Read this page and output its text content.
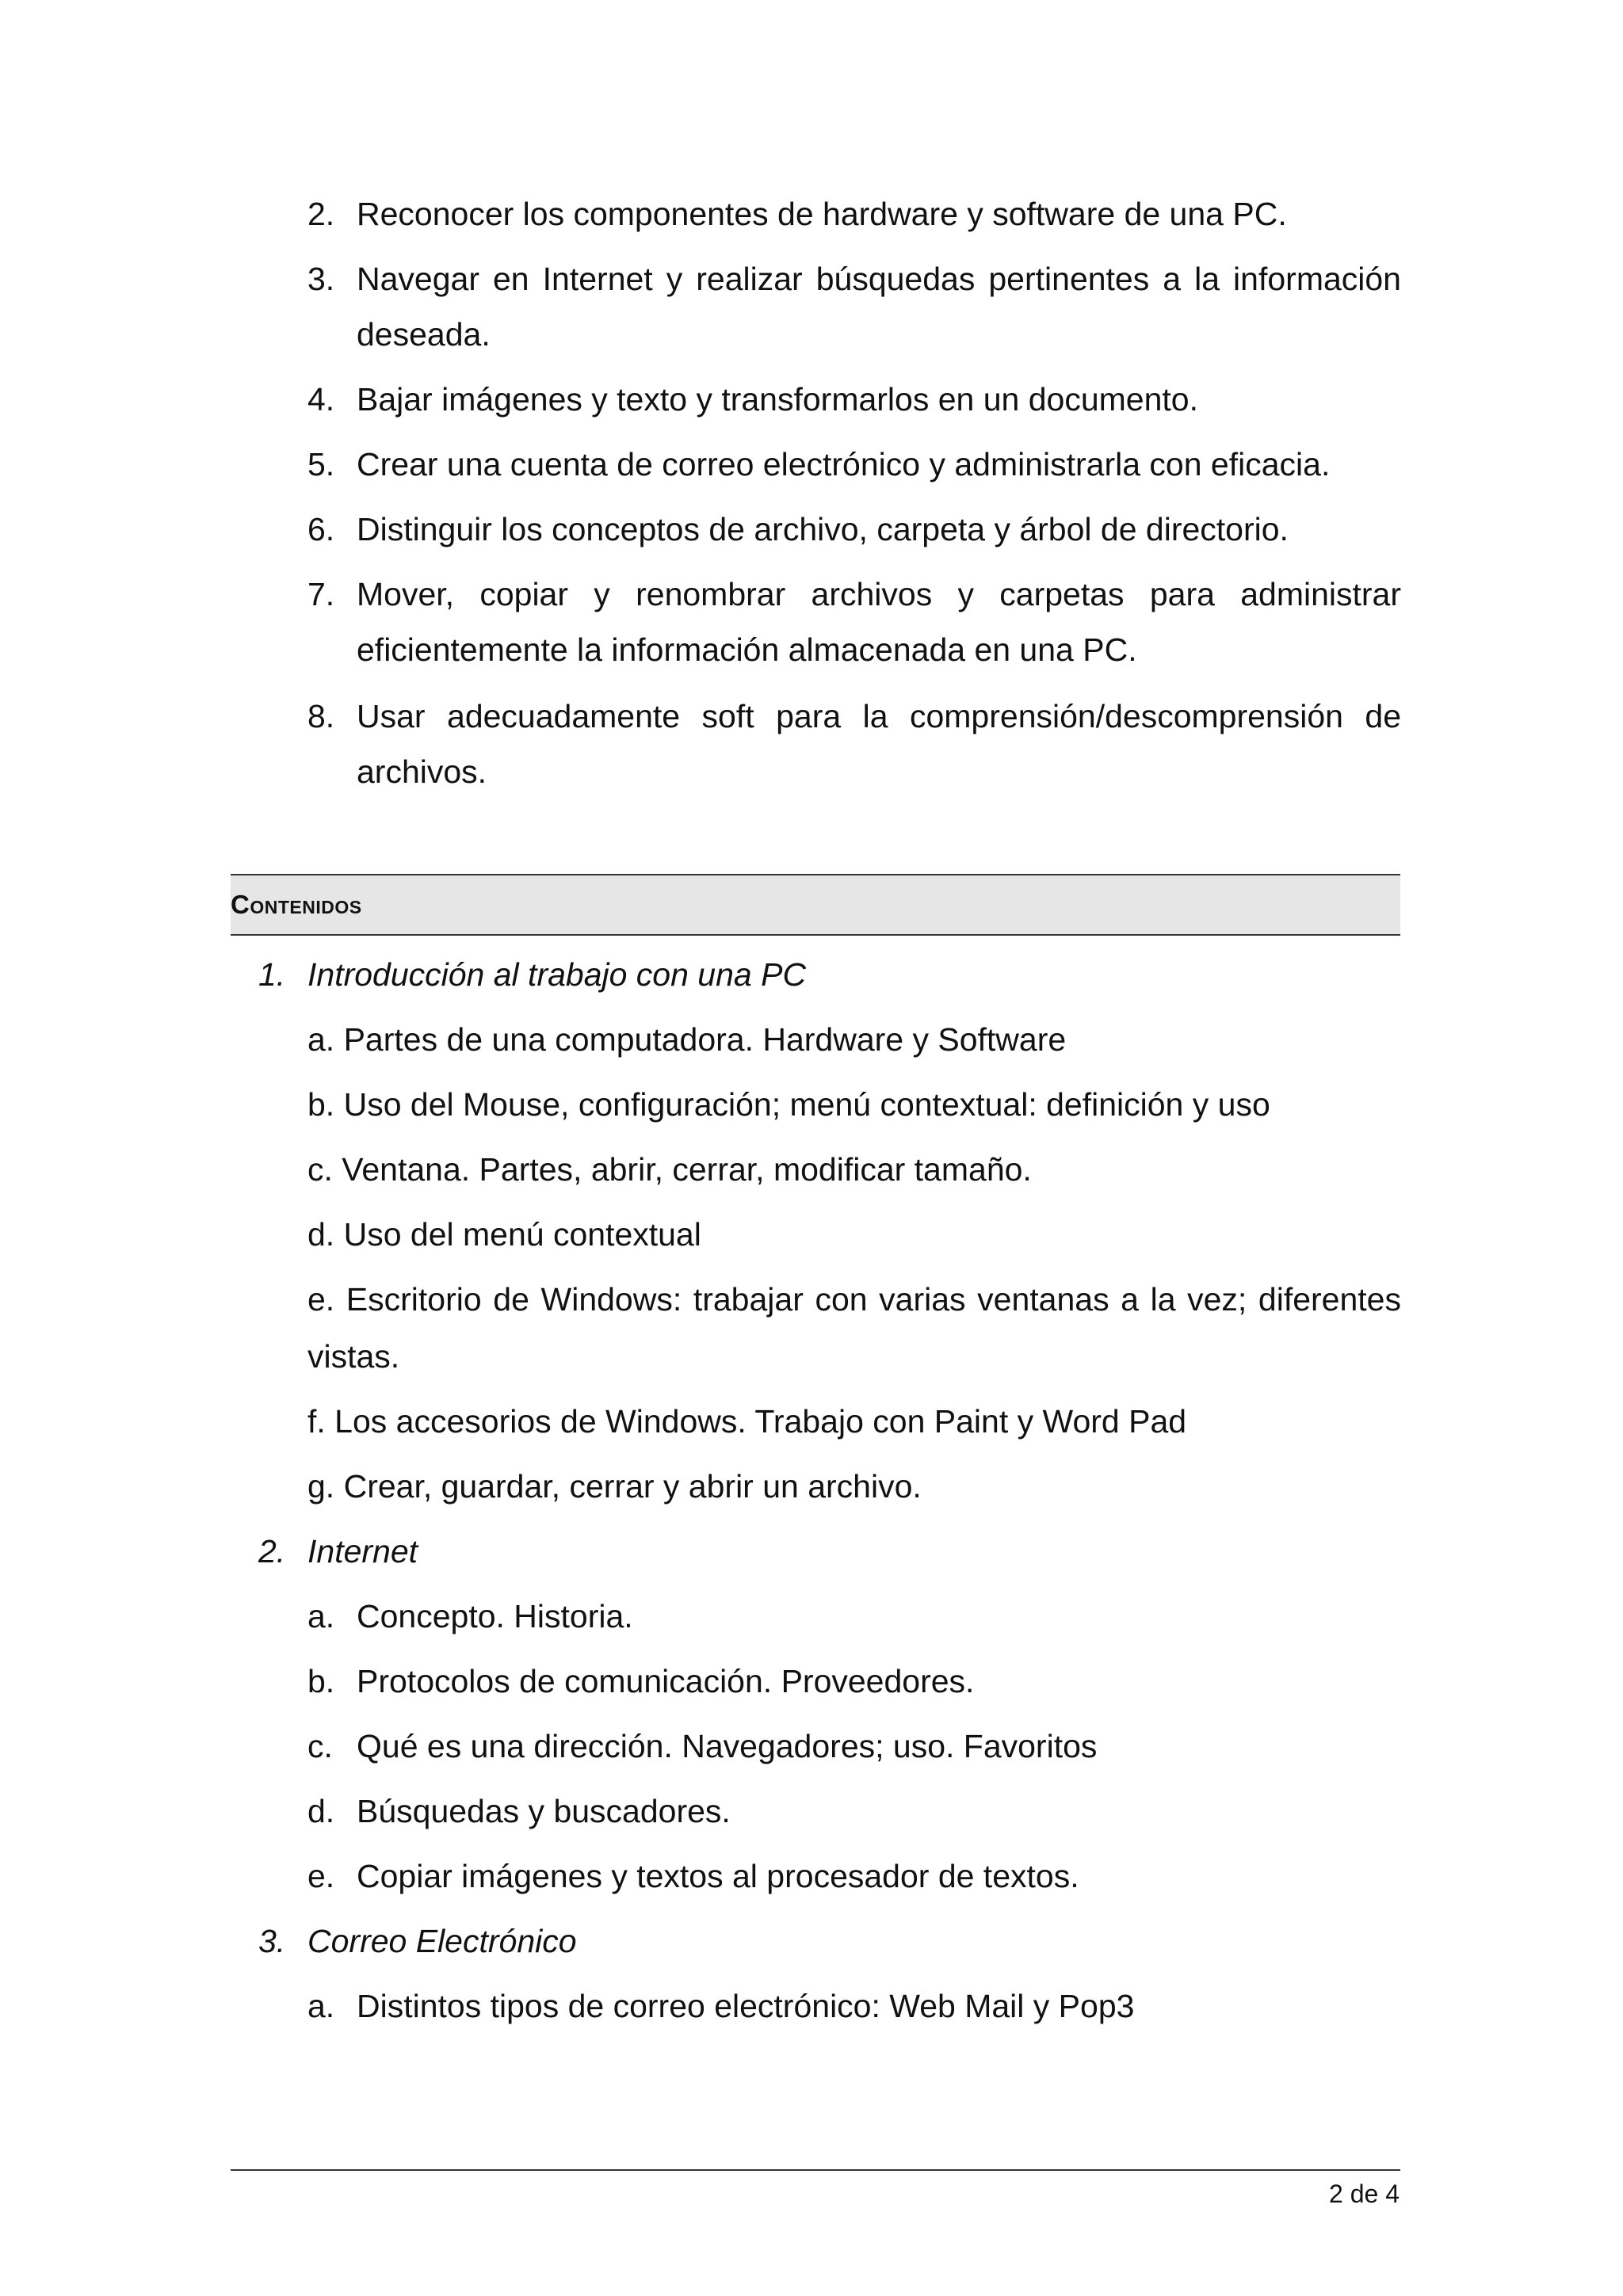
2. Reconocer los componentes de hardware y software de una PC.
3. Navegar en Internet y realizar búsquedas pertinentes a la información
deseada.
4. Bajar imágenes y texto y transformarlos en un documento.
5. Crear una cuenta de correo electrónico y administrarla con eficacia.
6. Distinguir los conceptos de archivo, carpeta y árbol de directorio.
7. Mover, copiar y renombrar archivos y carpetas para administrar
eficientemente la información almacenada en una PC.
8. Usar adecuadamente soft para la comprensión/descomprensión de
archivos.
Contenidos
1. Introducción al trabajo con una PC
a. Partes de una computadora. Hardware y Software
b. Uso del Mouse, configuración; menú contextual: definición y uso
c. Ventana. Partes, abrir, cerrar, modificar tamaño.
d. Uso del menú contextual
e. Escritorio de Windows: trabajar con varias ventanas a la vez; diferentes
vistas.
f. Los accesorios de Windows. Trabajo con Paint y Word Pad
g. Crear, guardar, cerrar y abrir un archivo.
2. Internet
a. Concepto. Historia.
b. Protocolos de comunicación. Proveedores.
c. Qué es una dirección. Navegadores; uso. Favoritos
d. Búsquedas y buscadores.
e. Copiar imágenes y textos al procesador de textos.
3. Correo Electrónico
a. Distintos tipos de correo electrónico: Web Mail y Pop3
2 de 4
